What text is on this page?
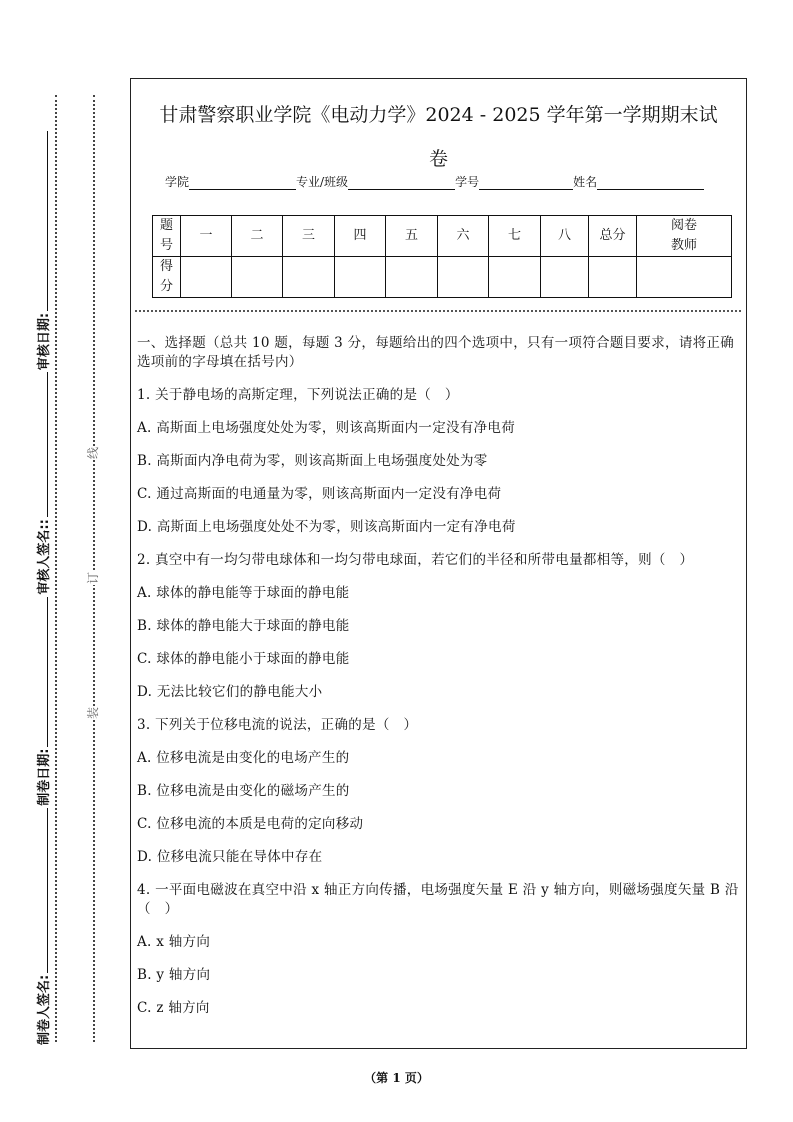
制卷人签名:
制卷日期:
审核人签名::
审核日期:
装
订
线
甘肃警察职业学院《电动力学》2024 - 2025 学年第一学期期末试
卷
学院	专业/班级	学号	姓名
题
号	一	二	三	四	五	六	七	八	总分	阅卷
教师
得
分										
一、选择题（总共 10 题，每题 3 分，每题给出的四个选项中，只有一项符合题目要求，请将正确选项前的字母填在括号内）
1. 关于静电场的高斯定理，下列说法正确的是（　）
A. 高斯面上电场强度处处为零，则该高斯面内一定没有净电荷
B. 高斯面内净电荷为零，则该高斯面上电场强度处处为零
C. 通过高斯面的电通量为零，则该高斯面内一定没有净电荷
D. 高斯面上电场强度处处不为零，则该高斯面内一定有净电荷
2. 真空中有一均匀带电球体和一均匀带电球面，若它们的半径和所带电量都相等，则（　）
A. 球体的静电能等于球面的静电能
B. 球体的静电能大于球面的静电能
C. 球体的静电能小于球面的静电能
D. 无法比较它们的静电能大小
3. 下列关于位移电流的说法，正确的是（　）
A. 位移电流是由变化的电场产生的
B. 位移电流是由变化的磁场产生的
C. 位移电流的本质是电荷的定向移动
D. 位移电流只能在导体中存在
4. 一平面电磁波在真空中沿 x 轴正方向传播，电场强度矢量 E 沿 y 轴方向，则磁场强度矢量 B 沿（　）
A. x 轴方向
B. y 轴方向
C. z 轴方向
（第 1 页）
